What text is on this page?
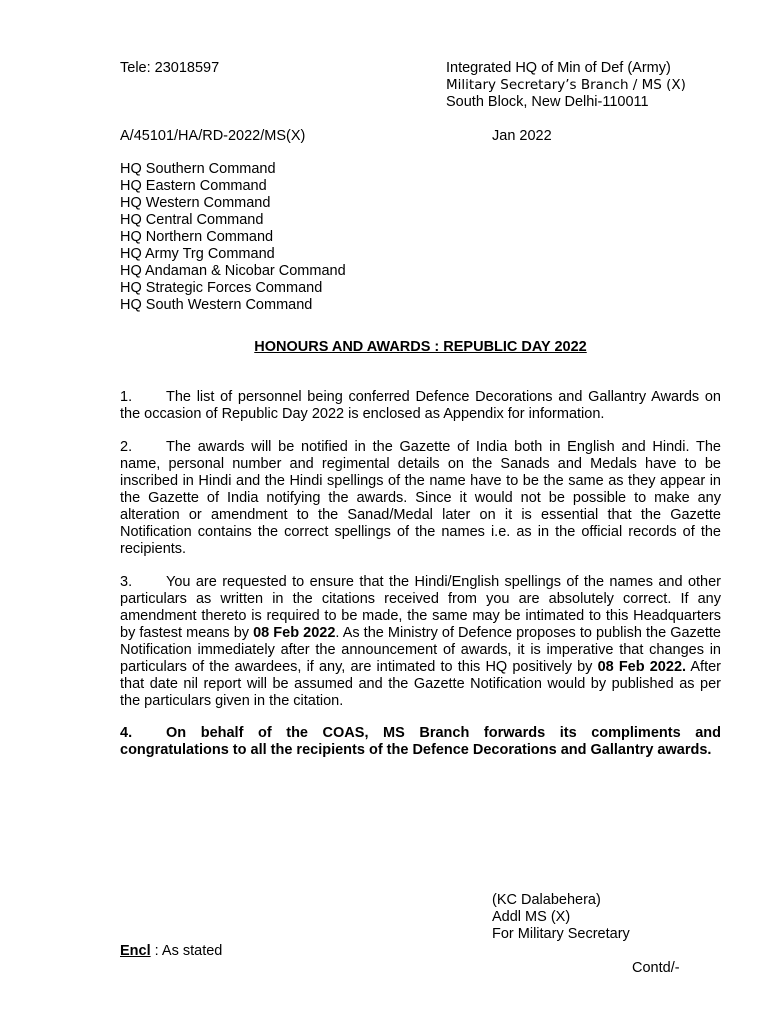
Tele: 23018597	Integrated HQ of Min of Def (Army)
Military Secretary’s Branch / MS (X)
South Block, New Delhi-110011
A/45101/HA/RD-2022/MS(X)	Jan 2022
HQ Southern Command
HQ Eastern Command
HQ Western Command
HQ Central Command
HQ Northern Command
HQ Army Trg Command
HQ Andaman & Nicobar Command
HQ Strategic Forces Command
HQ South Western Command
HONOURS AND AWARDS : REPUBLIC DAY 2022
1. The list of personnel being conferred Defence Decorations and Gallantry Awards on the occasion of Republic Day 2022 is enclosed as Appendix for information.
2. The awards will be notified in the Gazette of India both in English and Hindi. The name, personal number and regimental details on the Sanads and Medals have to be inscribed in Hindi and the Hindi spellings of the name have to be the same as they appear in the Gazette of India notifying the awards. Since it would not be possible to make any alteration or amendment to the Sanad/Medal later on it is essential that the Gazette Notification contains the correct spellings of the names i.e. as in the official records of the recipients.
3. You are requested to ensure that the Hindi/English spellings of the names and other particulars as written in the citations received from you are absolutely correct. If any amendment thereto is required to be made, the same may be intimated to this Headquarters by fastest means by 08 Feb 2022. As the Ministry of Defence proposes to publish the Gazette Notification immediately after the announcement of awards, it is imperative that changes in particulars of the awardees, if any, are intimated to this HQ positively by 08 Feb 2022. After that date nil report will be assumed and the Gazette Notification would by published as per the particulars given in the citation.
4. On behalf of the COAS, MS Branch forwards its compliments and congratulations to all the recipients of the Defence Decorations and Gallantry awards.
(KC Dalabehera)
Addl MS (X)
For Military Secretary
Encl : As stated
Contd/-
